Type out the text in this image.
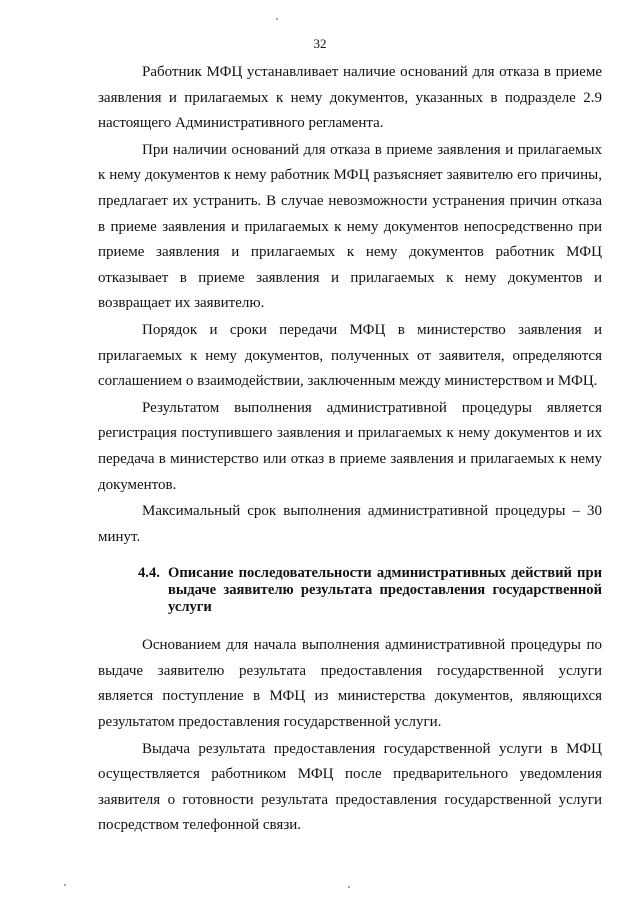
32

Работник МФЦ устанавливает наличие оснований для отказа в приеме заявления и прилагаемых к нему документов, указанных в подразделе 2.9 настоящего Административного регламента.

При наличии оснований для отказа в приеме заявления и прилагаемых к нему документов к нему работник МФЦ разъясняет заявителю его причины, предлагает их устранить. В случае невозможности устранения причин отказа в приеме заявления и прилагаемых к нему документов непосредственно при приеме заявления и прилагаемых к нему документов работник МФЦ отказывает в приеме заявления и прилагаемых к нему документов и возвращает их заявителю.

Порядок и сроки передачи МФЦ в министерство заявления и прилагаемых к нему документов, полученных от заявителя, определяются соглашением о взаимодействии, заключенным между министерством и МФЦ.

Результатом выполнения административной процедуры является регистрация поступившего заявления и прилагаемых к нему документов и их передача в министерство или отказ в приеме заявления и прилагаемых к нему документов.

Максимальный срок выполнения административной процедуры – 30 минут.

4.4. Описание последовательности административных действий при выдаче заявителю результата предоставления государственной услуги

Основанием для начала выполнения административной процедуры по выдаче заявителю результата предоставления государственной услуги является поступление в МФЦ из министерства документов, являющихся результатом предоставления государственной услуги.

Выдача результата предоставления государственной услуги в МФЦ осуществляется работником МФЦ после предварительного уведомления заявителя о готовности результата предоставления государственной услуги посредством телефонной связи.
